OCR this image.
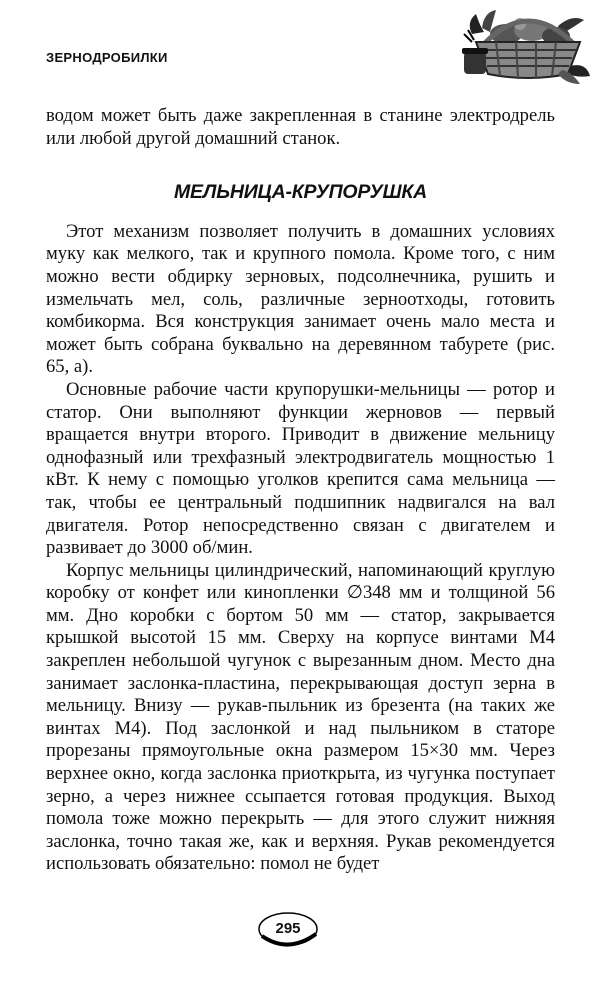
ЗЕРНОДРОБИЛКИ

водом может быть даже закрепленная в станине электродрель или любой другой домашний станок.

МЕЛЬНИЦА-КРУПОРУШКА

Этот механизм позволяет получить в домашних условиях муку как мелкого, так и крупного помола. Кроме того, с ним можно вести обдирку зерновых, подсолнечника, рушить и измельчать мел, соль, различные зерноотходы, готовить комбикорма. Вся конструкция занимает очень мало места и может быть собрана буквально на деревянном табурете (рис. 65, а).

Основные рабочие части крупорушки-мельницы — ротор и статор. Они выполняют функции жерновов — первый вращается внутри второго. Приводит в движение мельницу однофазный или трехфазный электродвигатель мощностью 1 кВт. К нему с помощью уголков крепится сама мельница — так, чтобы ее центральный подшипник надвигался на вал двигателя. Ротор непосредственно связан с двигателем и развивает до 3000 об/мин.

Корпус мельницы цилиндрический, напоминающий круглую коробку от конфет или кинопленки ∅348 мм и толщиной 56 мм. Дно коробки с бортом 50 мм — статор, закрывается крышкой высотой 15 мм. Сверху на корпусе винтами М4 закреплен небольшой чугунок с вырезанным дном. Место дна занимает заслонка-пластина, перекрывающая доступ зерна в мельницу. Внизу — рукав-пыльник из брезента (на таких же винтах М4). Под заслонкой и над пыльником в статоре прорезаны прямоугольные окна размером 15×30 мм. Через верхнее окно, когда заслонка приоткрыта, из чугунка поступает зерно, а через нижнее ссыпается готовая продукция. Выход помола тоже можно перекрыть — для этого служит нижняя заслонка, точно такая же, как и верхняя. Рукав рекомендуется использовать обязательно: помол не будет

295
